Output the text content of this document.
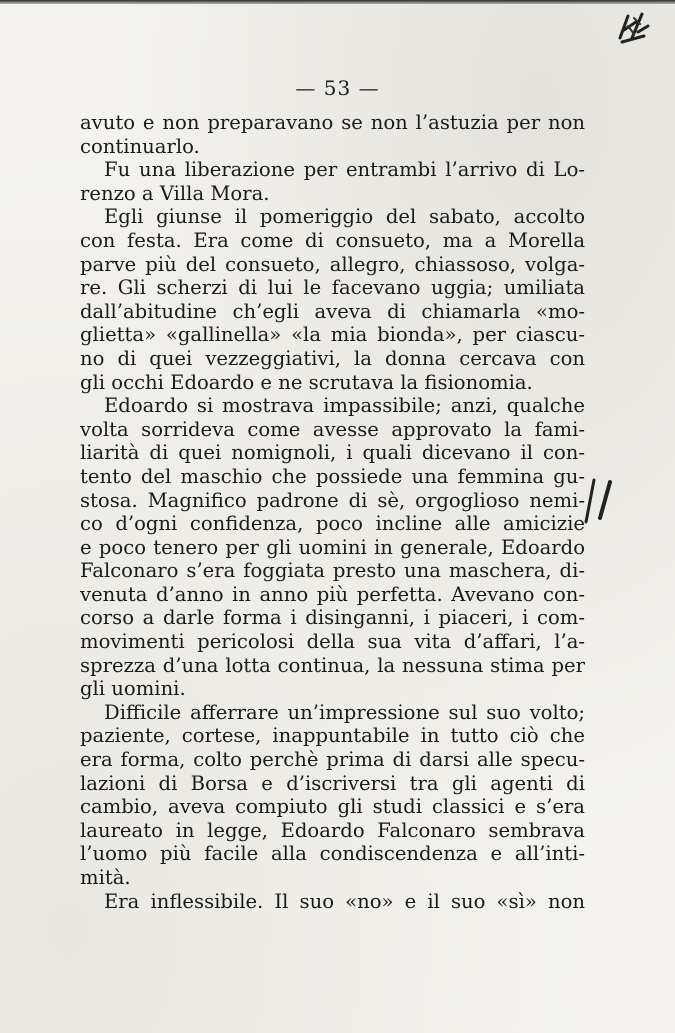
— 53 —
avuto e non preparavano se non l’astuzia per non
continuarlo.
Fu una liberazione per entrambi l’arrivo di Lo-
renzo a Villa Mora.
Egli giunse il pomeriggio del sabato, accolto
con festa. Era come di consueto, ma a Morella
parve più del consueto, allegro, chiassoso, volga-
re. Gli scherzi di lui le facevano uggia; umiliata
dall’abitudine ch’egli aveva di chiamarla «mo-
glietta» «gallinella» «la mia bionda», per ciascu-
no di quei vezzeggiativi, la donna cercava con
gli occhi Edoardo e ne scrutava la fisionomia.
Edoardo si mostrava impassibile; anzi, qualche
volta sorrideva come avesse approvato la fami-
liarità di quei nomignoli, i quali dicevano il con-
tento del maschio che possiede una femmina gu-
stosa. Magnifico padrone di sè, orgoglioso nemi-
co d’ogni confidenza, poco incline alle amicizie
e poco tenero per gli uomini in generale, Edoardo
Falconaro s’era foggiata presto una maschera, di-
venuta d’anno in anno più perfetta. Avevano con-
corso a darle forma i disinganni, i piaceri, i com-
movimenti pericolosi della sua vita d’affari, l’a-
sprezza d’una lotta continua, la nessuna stima per
gli uomini.
Difficile afferrare un’impressione sul suo volto;
paziente, cortese, inappuntabile in tutto ciò che
era forma, colto perchè prima di darsi alle specu-
lazioni di Borsa e d’iscriversi tra gli agenti di
cambio, aveva compiuto gli studi classici e s’era
laureato in legge, Edoardo Falconaro sembrava
l’uomo più facile alla condiscendenza e all’inti-
mità.
Era inflessibile. Il suo «no» e il suo «sì» non
